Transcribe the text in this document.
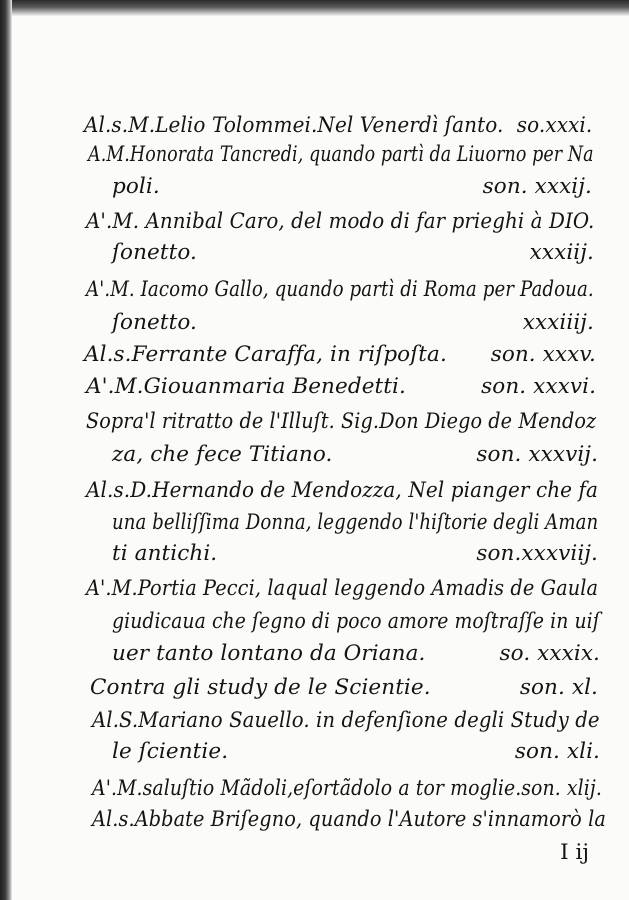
Al.s.M.Lelio Tolommei.Nel Venerdì ſanto. so.xxxi.
A.M.Honorata Tancredi, quando partì da Liuorno per Na
poli.	son. xxxij.
A'.M. Annibal Caro, del modo di far prieghi à DIO.
ſonetto.	xxxiij.
A'.M. Iacomo Gallo, quando partì di Roma per Padoua.
ſonetto.	xxxiiij.
Al.s.Ferrante Caraffa, in riſpoſta. son. xxxv.
A'.M.Giouanmaria Benedetti.	son. xxxvi.
Sopra'l ritratto de l'Illuſt. Sig.Don Diego de Mendoz
za, che fece Titiano.	son. xxxvij.
Al.s.D.Hernando de Mendozza, Nel pianger che fa
una belliſſima Donna, leggendo l'hiſtorie degli Aman
ti antichi.	son.xxxviij.
A'.M.Portia Pecci, laqual leggendo Amadis de Gaula
giudicaua che ſegno di poco amore moſtraſſe in uiſ
uer tanto lontano da Oriana.	so. xxxix.
Contra gli study de le Scientie.	son. xl.
Al.S.Mariano Sauello. in defenſione degli Study de
le ſcientie.	son. xli.
A'.M.saluſtio Mãdoli,eſortãdolo a tor moglie.son. xlij.
Al.s.Abbate Briſegno, quando l'Autore s'innamorò la
I ij
